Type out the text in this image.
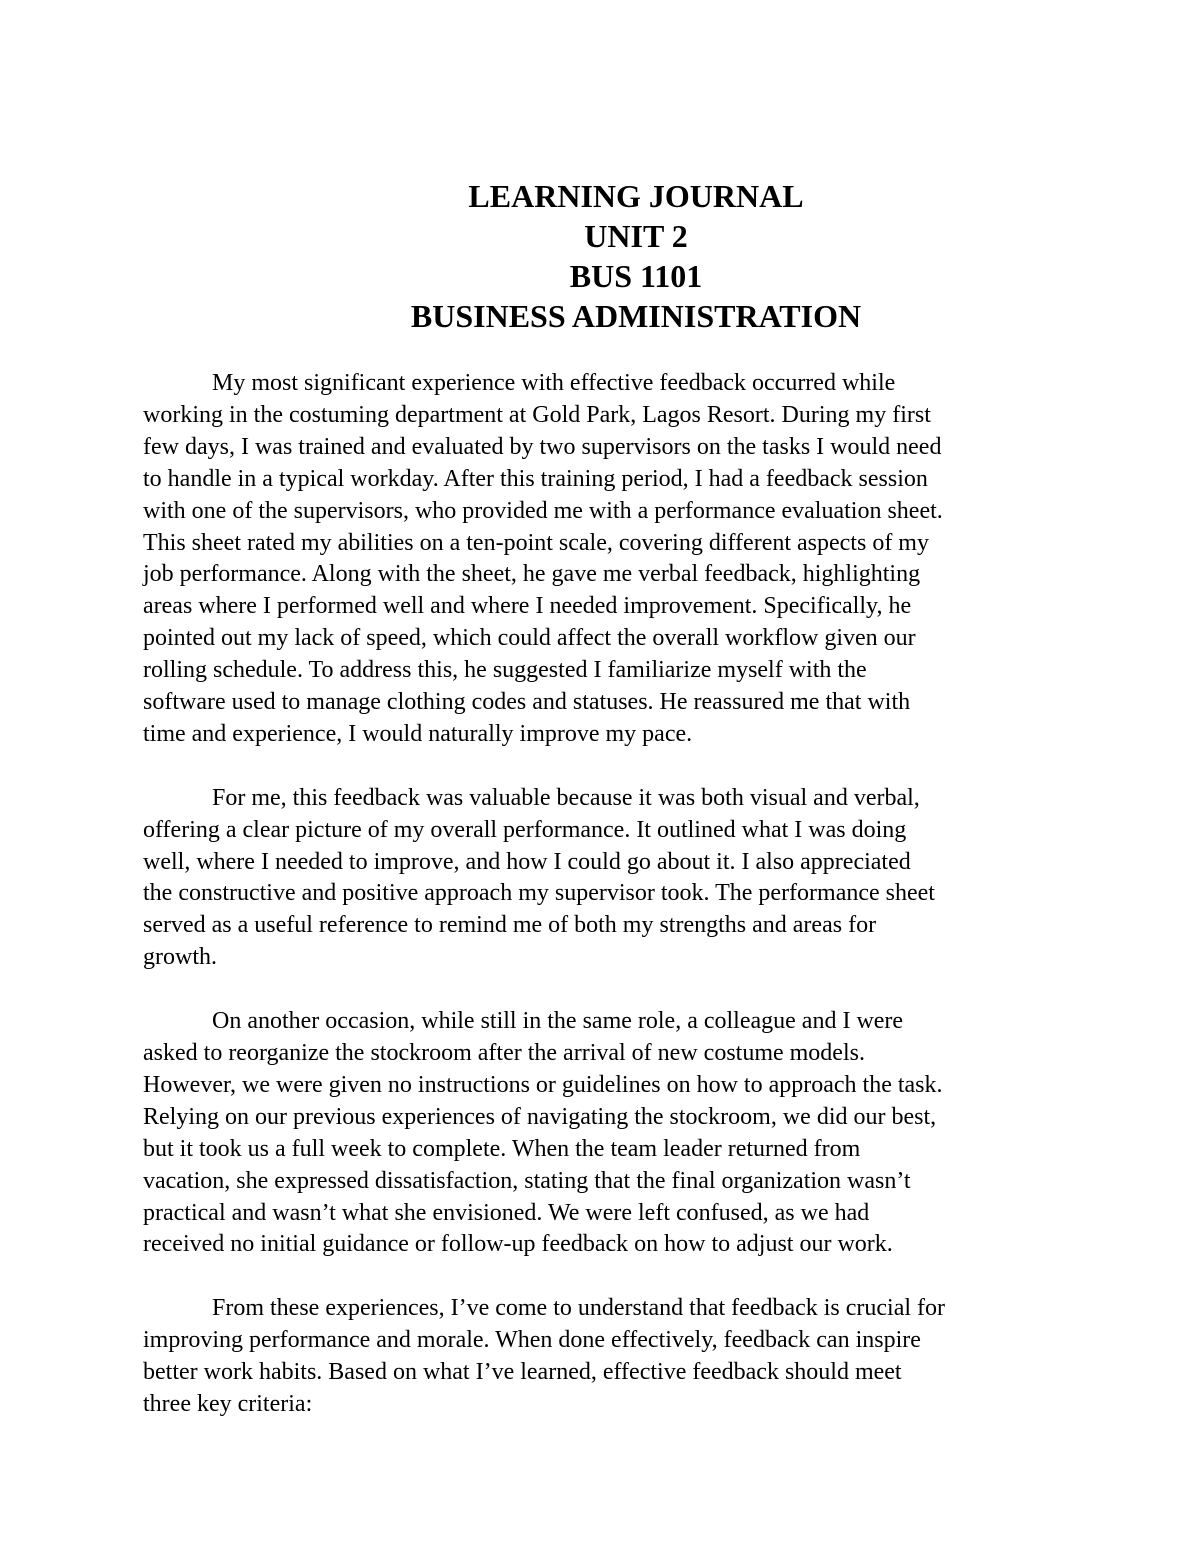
LEARNING JOURNAL
UNIT 2
BUS 1101
BUSINESS ADMINISTRATION

My most significant experience with effective feedback occurred while
working in the costuming department at Gold Park, Lagos Resort. During my first
few days, I was trained and evaluated by two supervisors on the tasks I would need
to handle in a typical workday. After this training period, I had a feedback session
with one of the supervisors, who provided me with a performance evaluation sheet.
This sheet rated my abilities on a ten-point scale, covering different aspects of my
job performance. Along with the sheet, he gave me verbal feedback, highlighting
areas where I performed well and where I needed improvement. Specifically, he
pointed out my lack of speed, which could affect the overall workflow given our
rolling schedule. To address this, he suggested I familiarize myself with the
software used to manage clothing codes and statuses. He reassured me that with
time and experience, I would naturally improve my pace.

For me, this feedback was valuable because it was both visual and verbal,
offering a clear picture of my overall performance. It outlined what I was doing
well, where I needed to improve, and how I could go about it. I also appreciated
the constructive and positive approach my supervisor took. The performance sheet
served as a useful reference to remind me of both my strengths and areas for
growth.

On another occasion, while still in the same role, a colleague and I were
asked to reorganize the stockroom after the arrival of new costume models.
However, we were given no instructions or guidelines on how to approach the task.
Relying on our previous experiences of navigating the stockroom, we did our best,
but it took us a full week to complete. When the team leader returned from
vacation, she expressed dissatisfaction, stating that the final organization wasn’t
practical and wasn’t what she envisioned. We were left confused, as we had
received no initial guidance or follow-up feedback on how to adjust our work.

From these experiences, I’ve come to understand that feedback is crucial for
improving performance and morale. When done effectively, feedback can inspire
better work habits. Based on what I’ve learned, effective feedback should meet
three key criteria:
